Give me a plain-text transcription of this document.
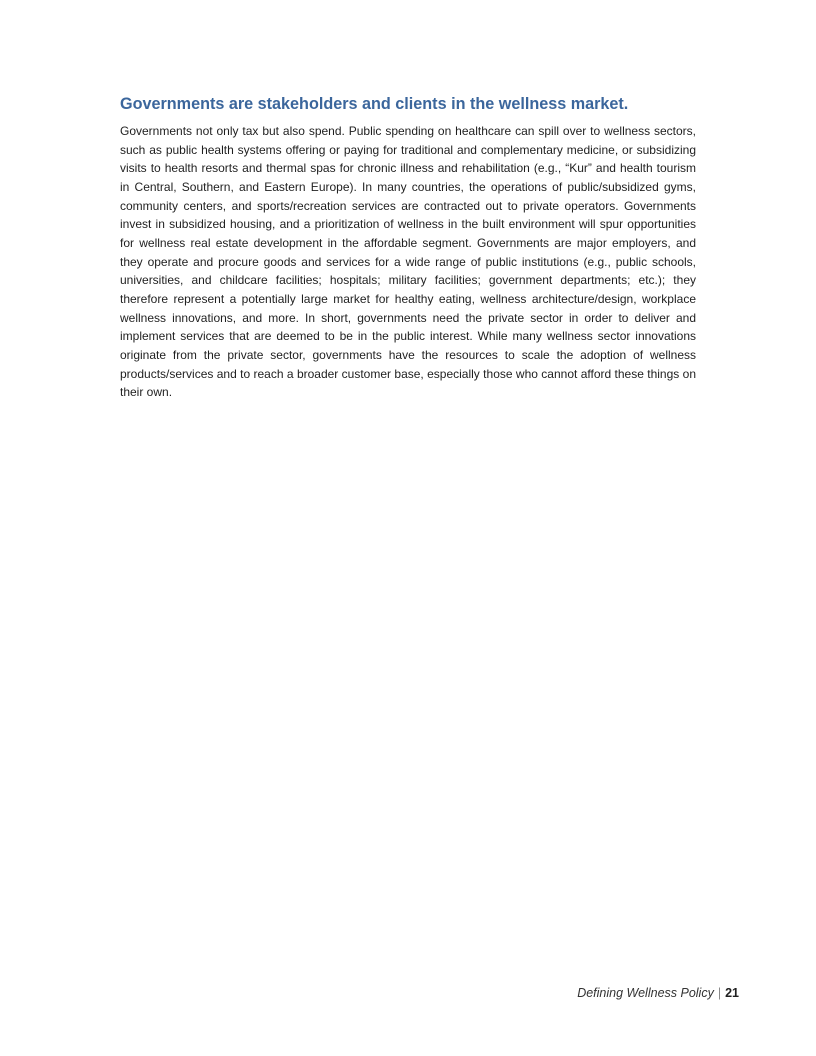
Governments are stakeholders and clients in the wellness market.

Governments not only tax but also spend. Public spending on healthcare can spill over to wellness sectors, such as public health systems offering or paying for traditional and complementary medicine, or subsidizing visits to health resorts and thermal spas for chronic illness and rehabilitation (e.g., “Kur” and health tourism in Central, Southern, and Eastern Europe). In many countries, the operations of public/subsidized gyms, community centers, and sports/recreation services are contracted out to private operators. Governments invest in subsidized housing, and a prioritization of wellness in the built environment will spur opportunities for wellness real estate development in the affordable segment. Governments are major employers, and they operate and procure goods and services for a wide range of public institutions (e.g., public schools, universities, and childcare facilities; hospitals; military facilities; government departments; etc.); they therefore represent a potentially large market for healthy eating, wellness architecture/design, workplace wellness innovations, and more. In short, governments need the private sector in order to deliver and implement services that are deemed to be in the public interest. While many wellness sector innovations originate from the private sector, governments have the resources to scale the adoption of wellness products/services and to reach a broader customer base, especially those who cannot afford these things on their own.

Defining Wellness Policy | 21
